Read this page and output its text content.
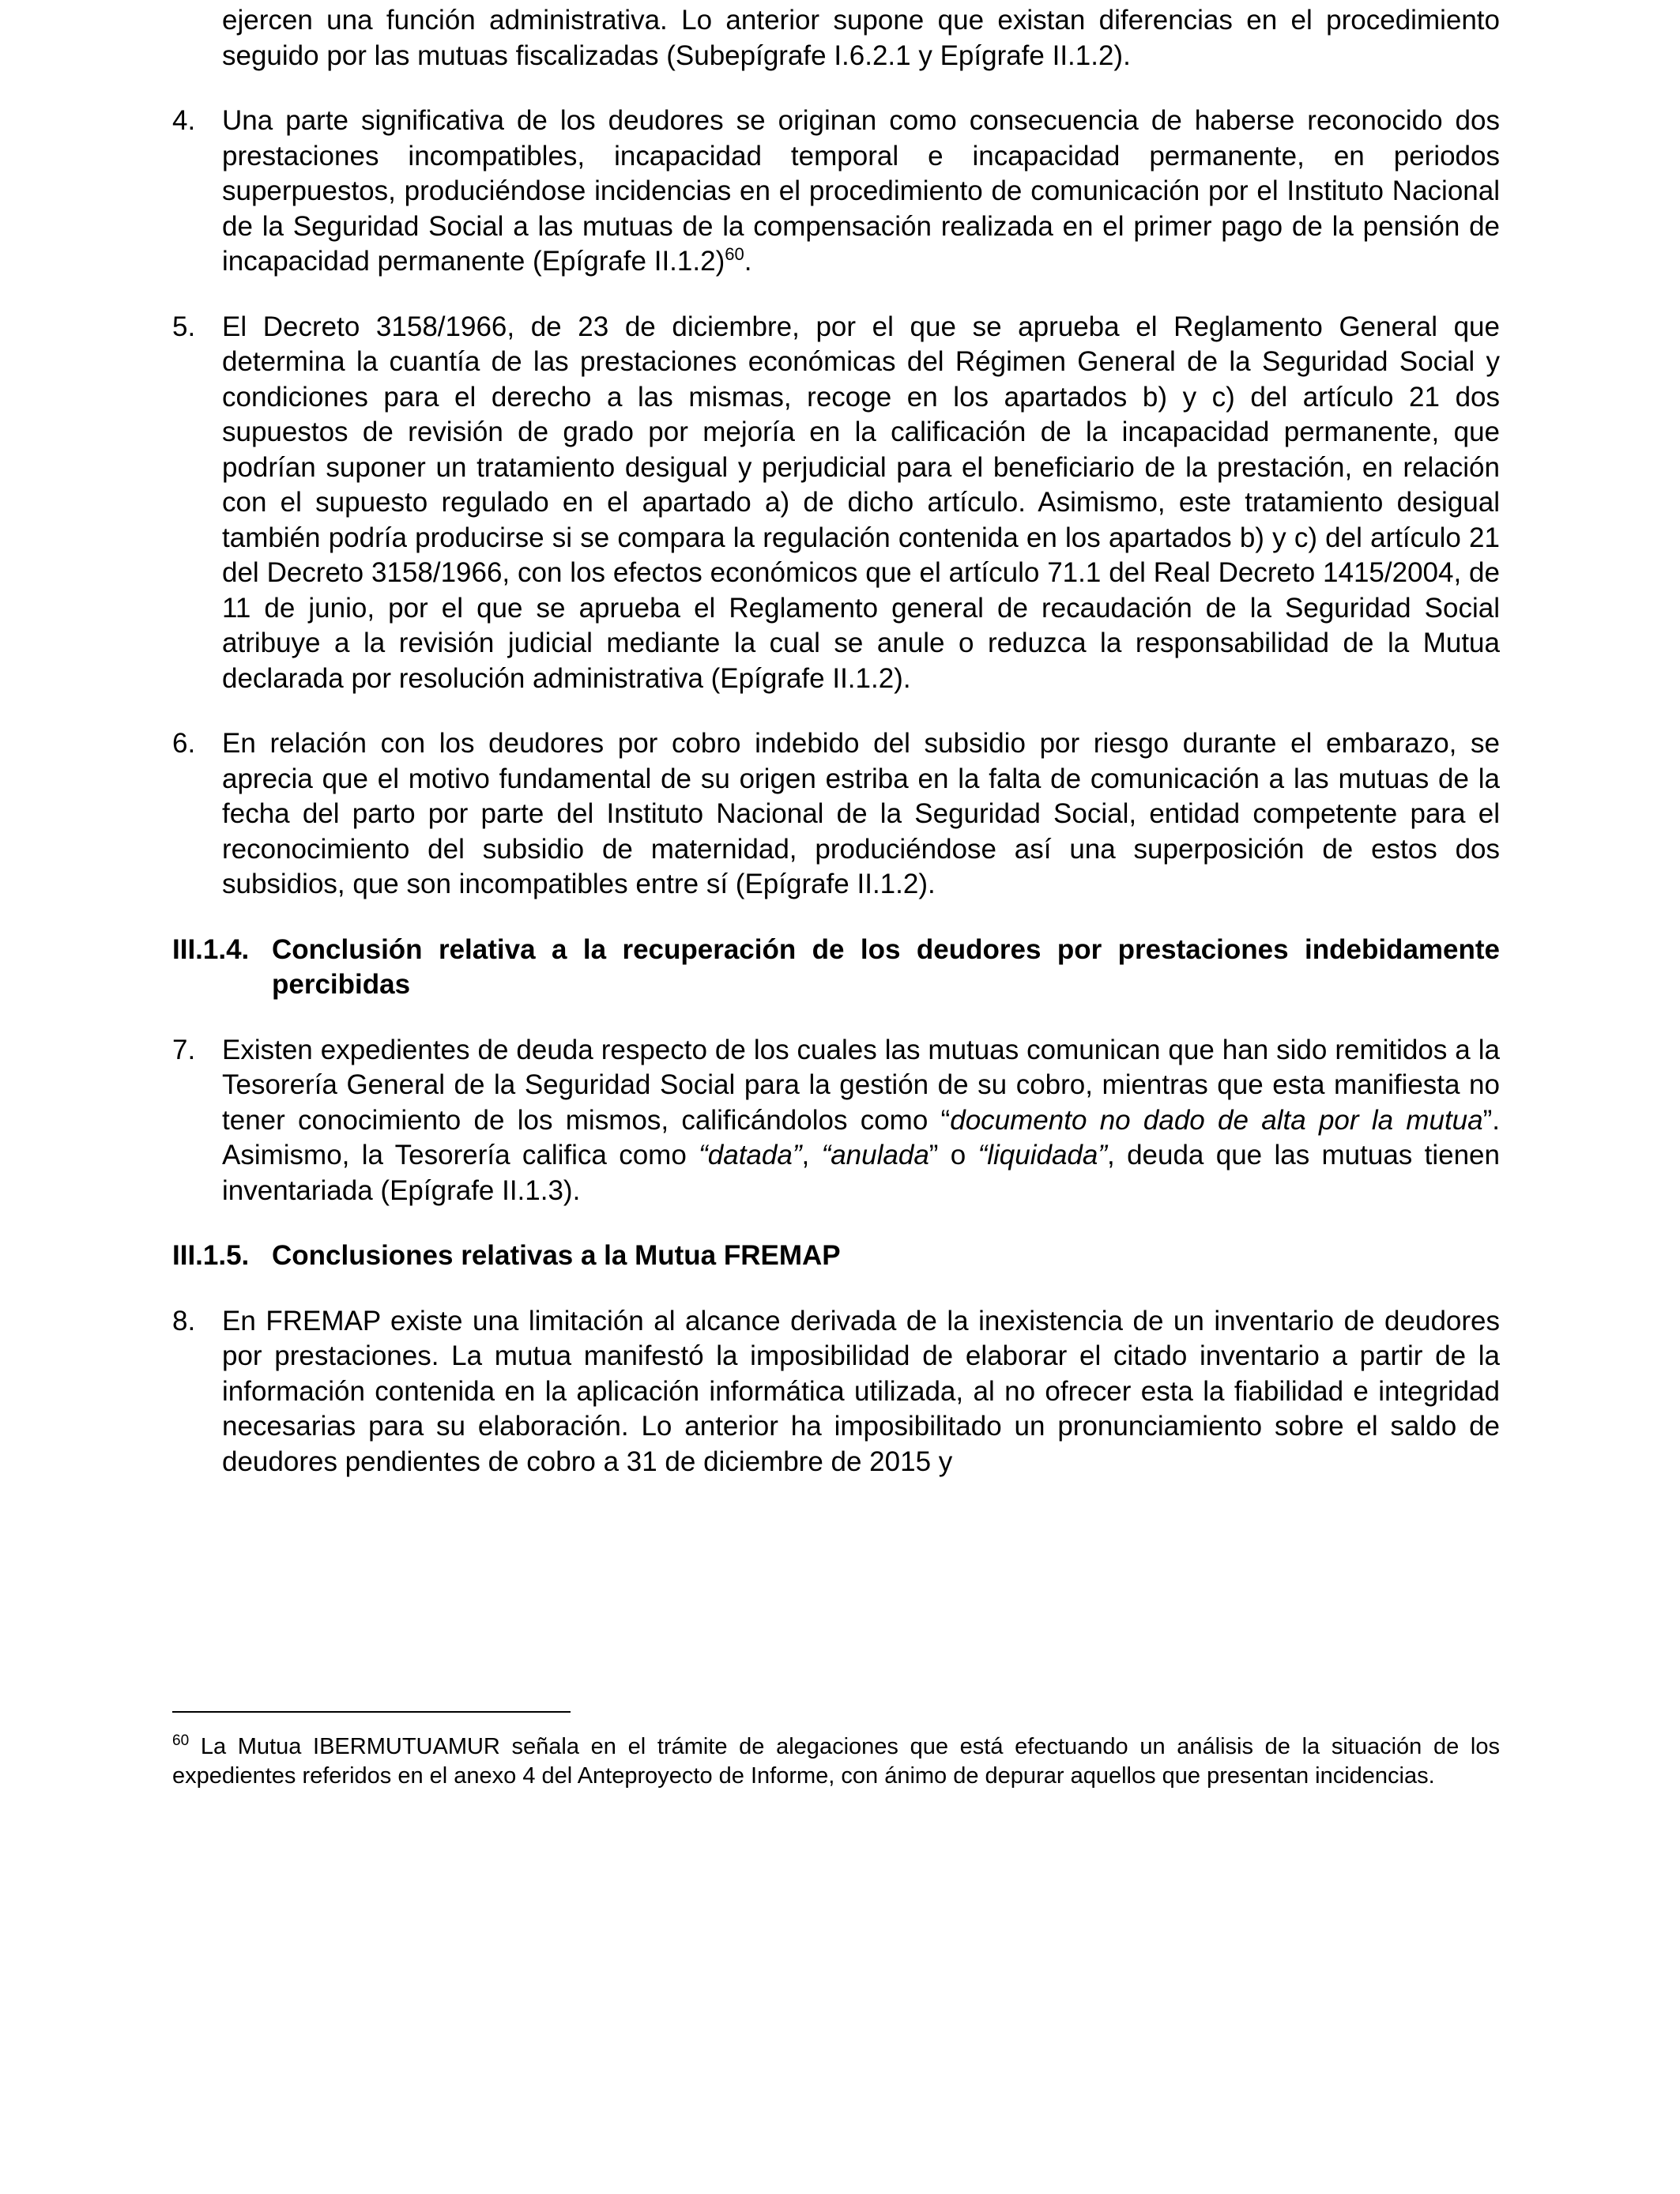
ejercen una función administrativa. Lo anterior supone que existan diferencias en el procedimiento seguido por las mutuas fiscalizadas (Subepígrafe I.6.2.1 y Epígrafe II.1.2).

4. Una parte significativa de los deudores se originan como consecuencia de haberse reconocido dos prestaciones incompatibles, incapacidad temporal e incapacidad permanente, en periodos superpuestos, produciéndose incidencias en el procedimiento de comunicación por el Instituto Nacional de la Seguridad Social a las mutuas de la compensación realizada en el primer pago de la pensión de incapacidad permanente (Epígrafe II.1.2)$^{60}$.

5. El Decreto 3158/1966, de 23 de diciembre, por el que se aprueba el Reglamento General que determina la cuantía de las prestaciones económicas del Régimen General de la Seguridad Social y condiciones para el derecho a las mismas, recoge en los apartados b) y c) del artículo 21 dos supuestos de revisión de grado por mejoría en la calificación de la incapacidad permanente, que podrían suponer un tratamiento desigual y perjudicial para el beneficiario de la prestación, en relación con el supuesto regulado en el apartado a) de dicho artículo. Asimismo, este tratamiento desigual también podría producirse si se compara la regulación contenida en los apartados b) y c) del artículo 21 del Decreto 3158/1966, con los efectos económicos que el artículo 71.1 del Real Decreto 1415/2004, de 11 de junio, por el que se aprueba el Reglamento general de recaudación de la Seguridad Social atribuye a la revisión judicial mediante la cual se anule o reduzca la responsabilidad de la Mutua declarada por resolución administrativa (Epígrafe II.1.2).

6. En relación con los deudores por cobro indebido del subsidio por riesgo durante el embarazo, se aprecia que el motivo fundamental de su origen estriba en la falta de comunicación a las mutuas de la fecha del parto por parte del Instituto Nacional de la Seguridad Social, entidad competente para el reconocimiento del subsidio de maternidad, produciéndose así una superposición de estos dos subsidios, que son incompatibles entre sí (Epígrafe II.1.2).

III.1.4. Conclusión relativa a la recuperación de los deudores por prestaciones indebidamente percibidas

7. Existen expedientes de deuda respecto de los cuales las mutuas comunican que han sido remitidos a la Tesorería General de la Seguridad Social para la gestión de su cobro, mientras que esta manifiesta no tener conocimiento de los mismos, calificándolos como “documento no dado de alta por la mutua”. Asimismo, la Tesorería califica como “datada”, “anulada” o “liquidada”, deuda que las mutuas tienen inventariada (Epígrafe II.1.3).

III.1.5. Conclusiones relativas a la Mutua FREMAP

8. En FREMAP existe una limitación al alcance derivada de la inexistencia de un inventario de deudores por prestaciones. La mutua manifestó la imposibilidad de elaborar el citado inventario a partir de la información contenida en la aplicación informática utilizada, al no ofrecer esta la fiabilidad e integridad necesarias para su elaboración. Lo anterior ha imposibilitado un pronunciamiento sobre el saldo de deudores pendientes de cobro a 31 de diciembre de 2015 y

$^{60}$ La Mutua IBERMUTUAMUR señala en el trámite de alegaciones que está efectuando un análisis de la situación de los expedientes referidos en el anexo 4 del Anteproyecto de Informe, con ánimo de depurar aquellos que presentan incidencias.
